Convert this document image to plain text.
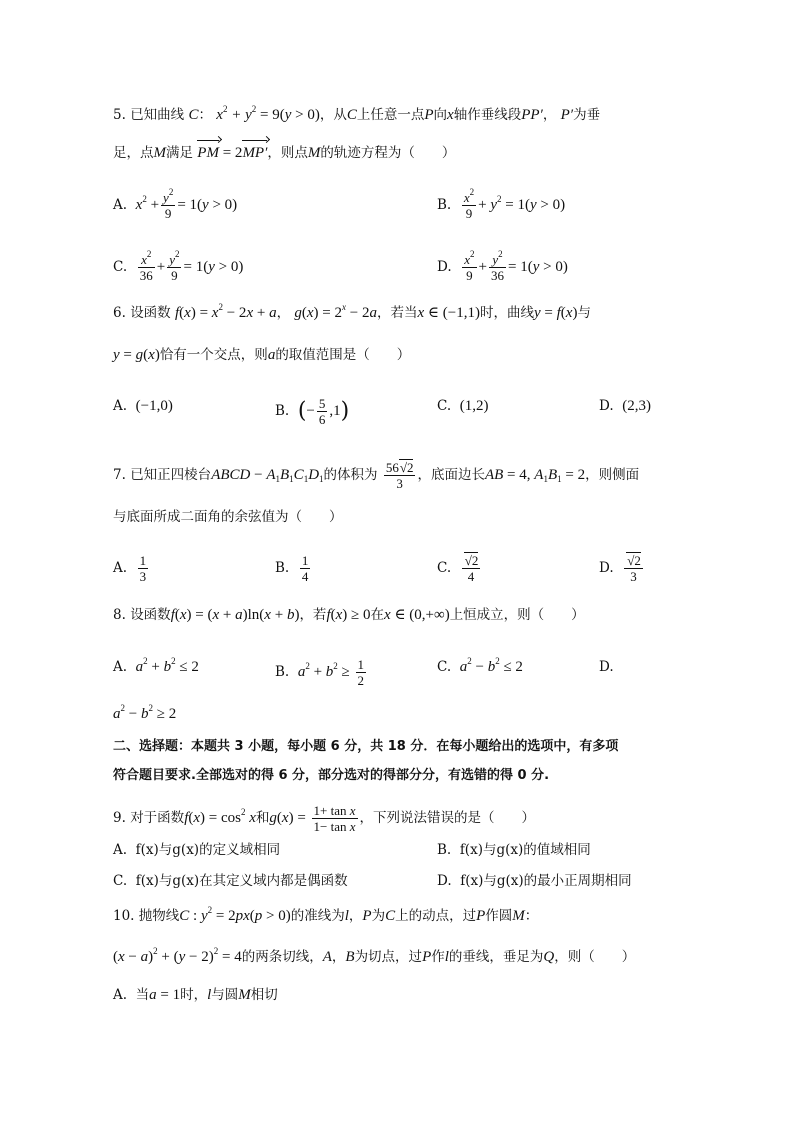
5. 已知曲线 C： $x^2 + y^2 = 9(y > 0)$，从C上任意一点P向x轴作垂线段PP′， P′为垂
足，点M满足 PM = 2MP′，则点M的轨迹方程为（　　）
A. $x^2 + \frac{y^2}{9} = 1(y > 0)$	B. $\frac{x^2}{9} + y^2 = 1(y > 0)$
C. $\frac{x^2}{36} + \frac{y^2}{9} = 1(y > 0)$	D. $\frac{x^2}{9} + \frac{y^2}{36} = 1(y > 0)$
6. 设函数 $f(x) = x^2 - 2x + a$， $g(x) = 2^x - 2a$，若当x ∈ (−1,1)时，曲线y = f(x)与
y = g(x)恰有一个交点，则a的取值范围是（　　）
A. (−1,0)	B. (− $\frac{5}{6} ,1$)	C. (1,2)	D. (2,3)
7. 已知正四棱台ABCD − $A_1B_1C_1D_1$的体积为 $\frac{56√2}{3}$ ，底面边长AB = 4, $A_1B_1 = 2$，则侧面
与底面所成二面角的余弦值为（　　）
A. $\frac{1}{3}$	B. $\frac{1}{4}$	C. $\frac{√2}{4}$	D. $\frac{√2}{3}$
8. 设函数f(x) = (x + a)ln(x + b)，若f(x) ≥ 0在x ∈ (0,+∞)上恒成立，则（　　）
A. $a^2 + b^2 \le 2$	B. $a^2 + b^2 \ge \frac{1}{2}$	C. $a^2 - b^2 \le 2$	D.
$a^2 - b^2 \ge 2$
二、选择题：本题共 3 小题，每小题 6 分，共 18 分．在每小题给出的选项中，有多项
符合题目要求.全部选对的得 6 分，部分选对的得部分分，有选错的得 0 分.
9. 对于函数$f(x) = \cos^2 x$和$g(x) = \frac{\text{1+ tan x}}{\text{1− tan x}}$ ，下列说法错误的是（　　）
A. f(x)与g(x)的定义域相同	B. f(x)与g(x)的值域相同
C. f(x)与g(x)在其定义域内都是偶函数	D. f(x)与g(x)的最小正周期相同
10. 抛物线C : $y^2 = 2px(p > 0)$的准线为l，P为C上的动点，过P作圆M：
$(x - a)^2 + (y - 2)^2 = 4$的两条切线，A，B为切点，过P作l的垂线，垂足为Q，则（　　）
A. 当a = 1时，l与圆M相切
